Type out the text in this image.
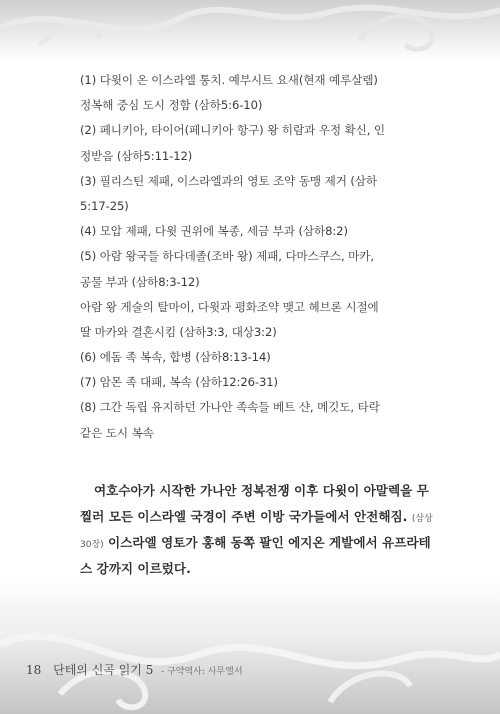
(1) 다윗이 온 이스라엘 통치. 예부시트 요새(현재 예루살렘)
정복해 중심 도시 정함 (삼하5:6-10)
(2) 페니키아, 타이어(페니키아 항구) 왕 히람과 우정 확신, 인
정받음 (삼하5:11-12)
(3) 필리스틴 제패, 이스라엘과의 영토 조약 동맹 제거 (삼하
5:17-25)
(4) 모압 제패, 다윗 권위에 복종, 세금 부과 (삼하8:2)
(5) 아람 왕국들 하다데졸(조바 왕) 제패, 다마스쿠스, 마카,
공물 부과 (삼하8:3-12)
아람 왕 게술의 탈마이, 다윗과 평화조약 맺고 헤브론 시절에
딸 마카와 결혼시킴 (삼하3:3, 대상3:2)
(6) 에돔 족 복속, 합병 (삼하8:13-14)
(7) 암몬 족 대패, 복속 (삼하12:26-31)
(8) 그간 독립 유지하던 가나안 족속들 베트 샨, 메깃도, 타락
같은 도시 복속
여호수아가 시작한 가나안 정복전쟁 이후 다윗이 아말렉을 무
찔러 모든 이스라엘 국경이 주변 이방 국가들에서 안전해짐. (삼상
30장) 이스라엘 영토가 홍해 동쪽 팔인 에지온 게발에서 유프라테
스 강까지 이르렀다.
18 단테의 신곡 읽기 5 - 구약역사: 사무엘서
